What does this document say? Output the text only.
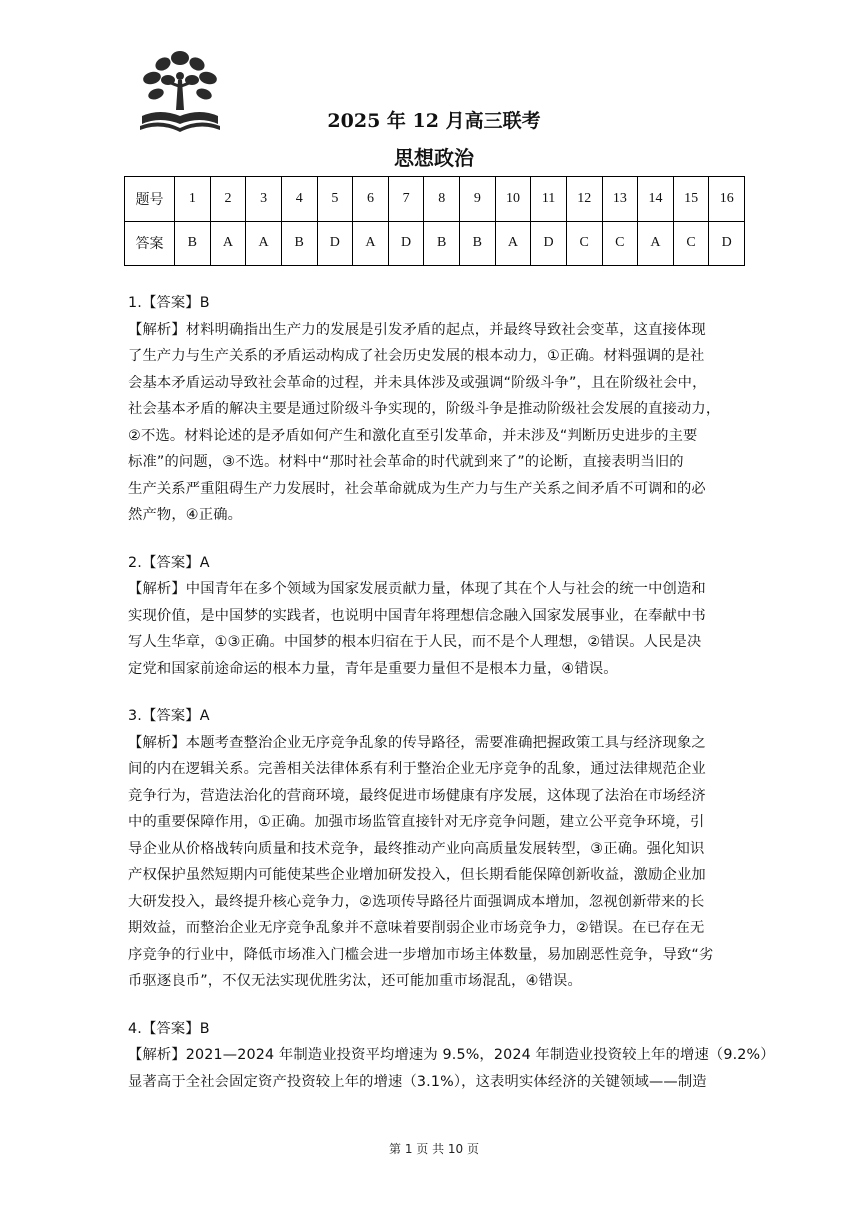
2025 年 12 月高三联考
思想政治
题号	1	2	3	4	5	6	7	8	9	10	11	12	13	14	15	16
答案	B	A	A	B	D	A	D	B	B	A	D	C	C	A	C	D
1.【答案】B
【解析】材料明确指出生产力的发展是引发矛盾的起点，并最终导致社会变革，这直接体现
了生产力与生产关系的矛盾运动构成了社会历史发展的根本动力，①正确。材料强调的是社
会基本矛盾运动导致社会革命的过程，并未具体涉及或强调“阶级斗争”，且在阶级社会中，
社会基本矛盾的解决主要是通过阶级斗争实现的，阶级斗争是推动阶级社会发展的直接动力，
②不选。材料论述的是矛盾如何产生和激化直至引发革命，并未涉及“判断历史进步的主要
标准”的问题，③不选。材料中“那时社会革命的时代就到来了”的论断，直接表明当旧的
生产关系严重阻碍生产力发展时，社会革命就成为生产力与生产关系之间矛盾不可调和的必
然产物，④正确。
2.【答案】A
【解析】中国青年在多个领域为国家发展贡献力量，体现了其在个人与社会的统一中创造和
实现价值，是中国梦的实践者，也说明中国青年将理想信念融入国家发展事业，在奉献中书
写人生华章，①③正确。中国梦的根本归宿在于人民，而不是个人理想，②错误。人民是决
定党和国家前途命运的根本力量，青年是重要力量但不是根本力量，④错误。
3.【答案】A
【解析】本题考查整治企业无序竞争乱象的传导路径，需要准确把握政策工具与经济现象之
间的内在逻辑关系。完善相关法律体系有利于整治企业无序竞争的乱象，通过法律规范企业
竞争行为，营造法治化的营商环境，最终促进市场健康有序发展，这体现了法治在市场经济
中的重要保障作用，①正确。加强市场监管直接针对无序竞争问题，建立公平竞争环境，引
导企业从价格战转向质量和技术竞争，最终推动产业向高质量发展转型，③正确。强化知识
产权保护虽然短期内可能使某些企业增加研发投入，但长期看能保障创新收益，激励企业加
大研发投入，最终提升核心竞争力，②选项传导路径片面强调成本增加，忽视创新带来的长
期效益，而整治企业无序竞争乱象并不意味着要削弱企业市场竞争力，②错误。在已存在无
序竞争的行业中，降低市场准入门槛会进一步增加市场主体数量，易加剧恶性竞争，导致“劣
币驱逐良币”，不仅无法实现优胜劣汰，还可能加重市场混乱，④错误。
4.【答案】B
【解析】2021—2024 年制造业投资平均增速为 9.5%，2024 年制造业投资较上年的增速（9.2%）
显著高于全社会固定资产投资较上年的增速（3.1%），这表明实体经济的关键领域——制造
第 1 页 共 10 页
